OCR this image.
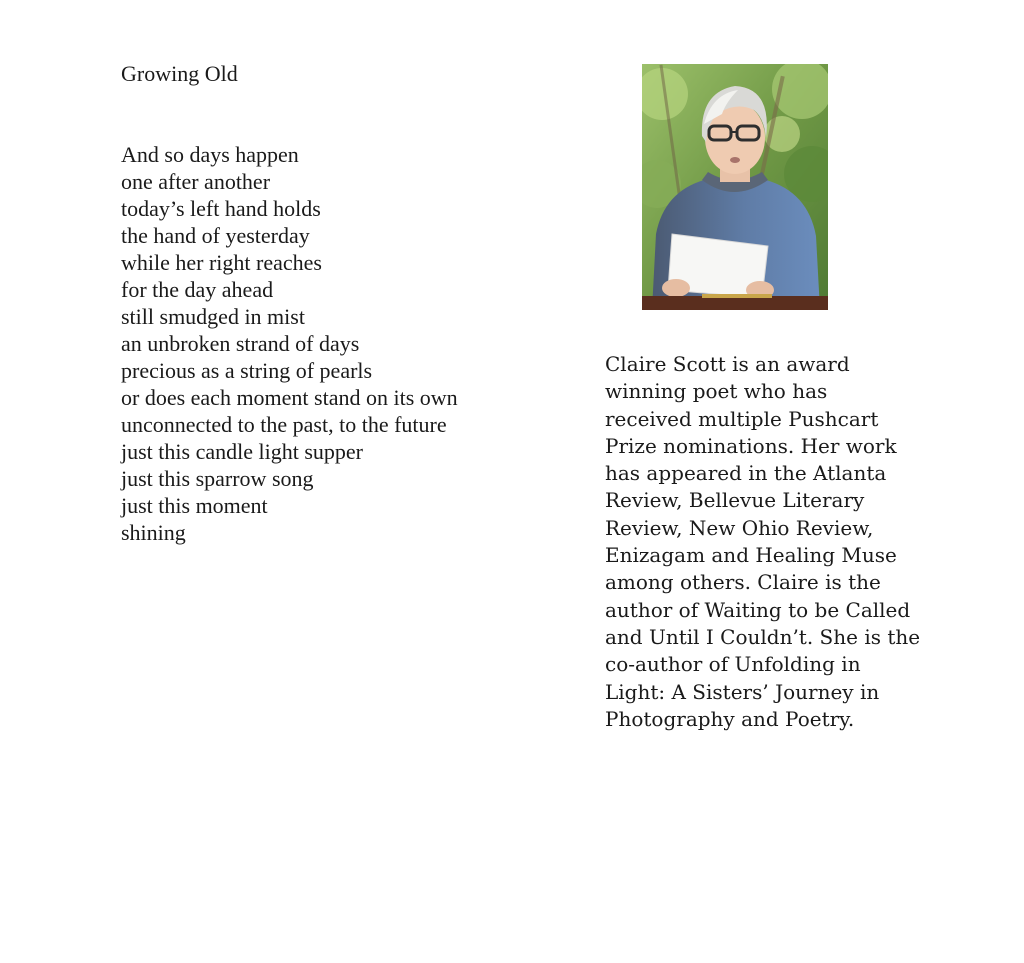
Growing Old
And so days happen
one after another
today’s left hand holds
the hand of yesterday
while her right reaches
for the day ahead
still smudged in mist
an unbroken strand of days
precious as a string of pearls
or does each moment stand on its own
unconnected to the past, to the future
just this candle light supper
just this sparrow song
just this moment
shining
Claire Scott is an award
winning poet who has
received multiple Pushcart
Prize nominations. Her work
has appeared in the Atlanta
Review, Bellevue Literary
Review, New Ohio Review,
Enizagam and Healing Muse
among others. Claire is the
author of Waiting to be Called
and Until I Couldn’t. She is the
co-author of Unfolding in
Light: A Sisters’ Journey in
Photography and Poetry.
